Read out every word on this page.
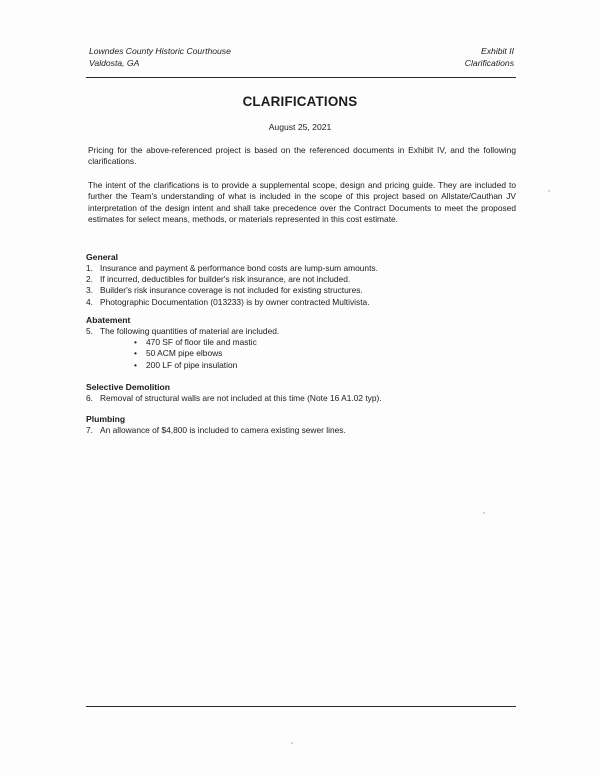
Lowndes County Historic Courthouse
Valdosta, GA
Exhibit II
Clarifications
CLARIFICATIONS
August 25, 2021
Pricing for the above-referenced project is based on the referenced documents in Exhibit IV, and the following clarifications.
The intent of the clarifications is to provide a supplemental scope, design and pricing guide. They are included to further the Team's understanding of what is included in the scope of this project based on Allstate/Cauthan JV interpretation of the design intent and shall take precedence over the Contract Documents to meet the proposed estimates for select means, methods, or materials represented in this cost estimate.
General
1. Insurance and payment & performance bond costs are lump-sum amounts.
2. If incurred, deductibles for builder's risk insurance, are not included.
3. Builder's risk insurance coverage is not included for existing structures.
4. Photographic Documentation (013233) is by owner contracted Multivista.
Abatement
5. The following quantities of material are included.
• 470 SF of floor tile and mastic
• 50 ACM pipe elbows
• 200 LF of pipe insulation
Selective Demolition
6. Removal of structural walls are not included at this time (Note 16 A1.02 typ).
Plumbing
7. An allowance of $4,800 is included to camera existing sewer lines.
